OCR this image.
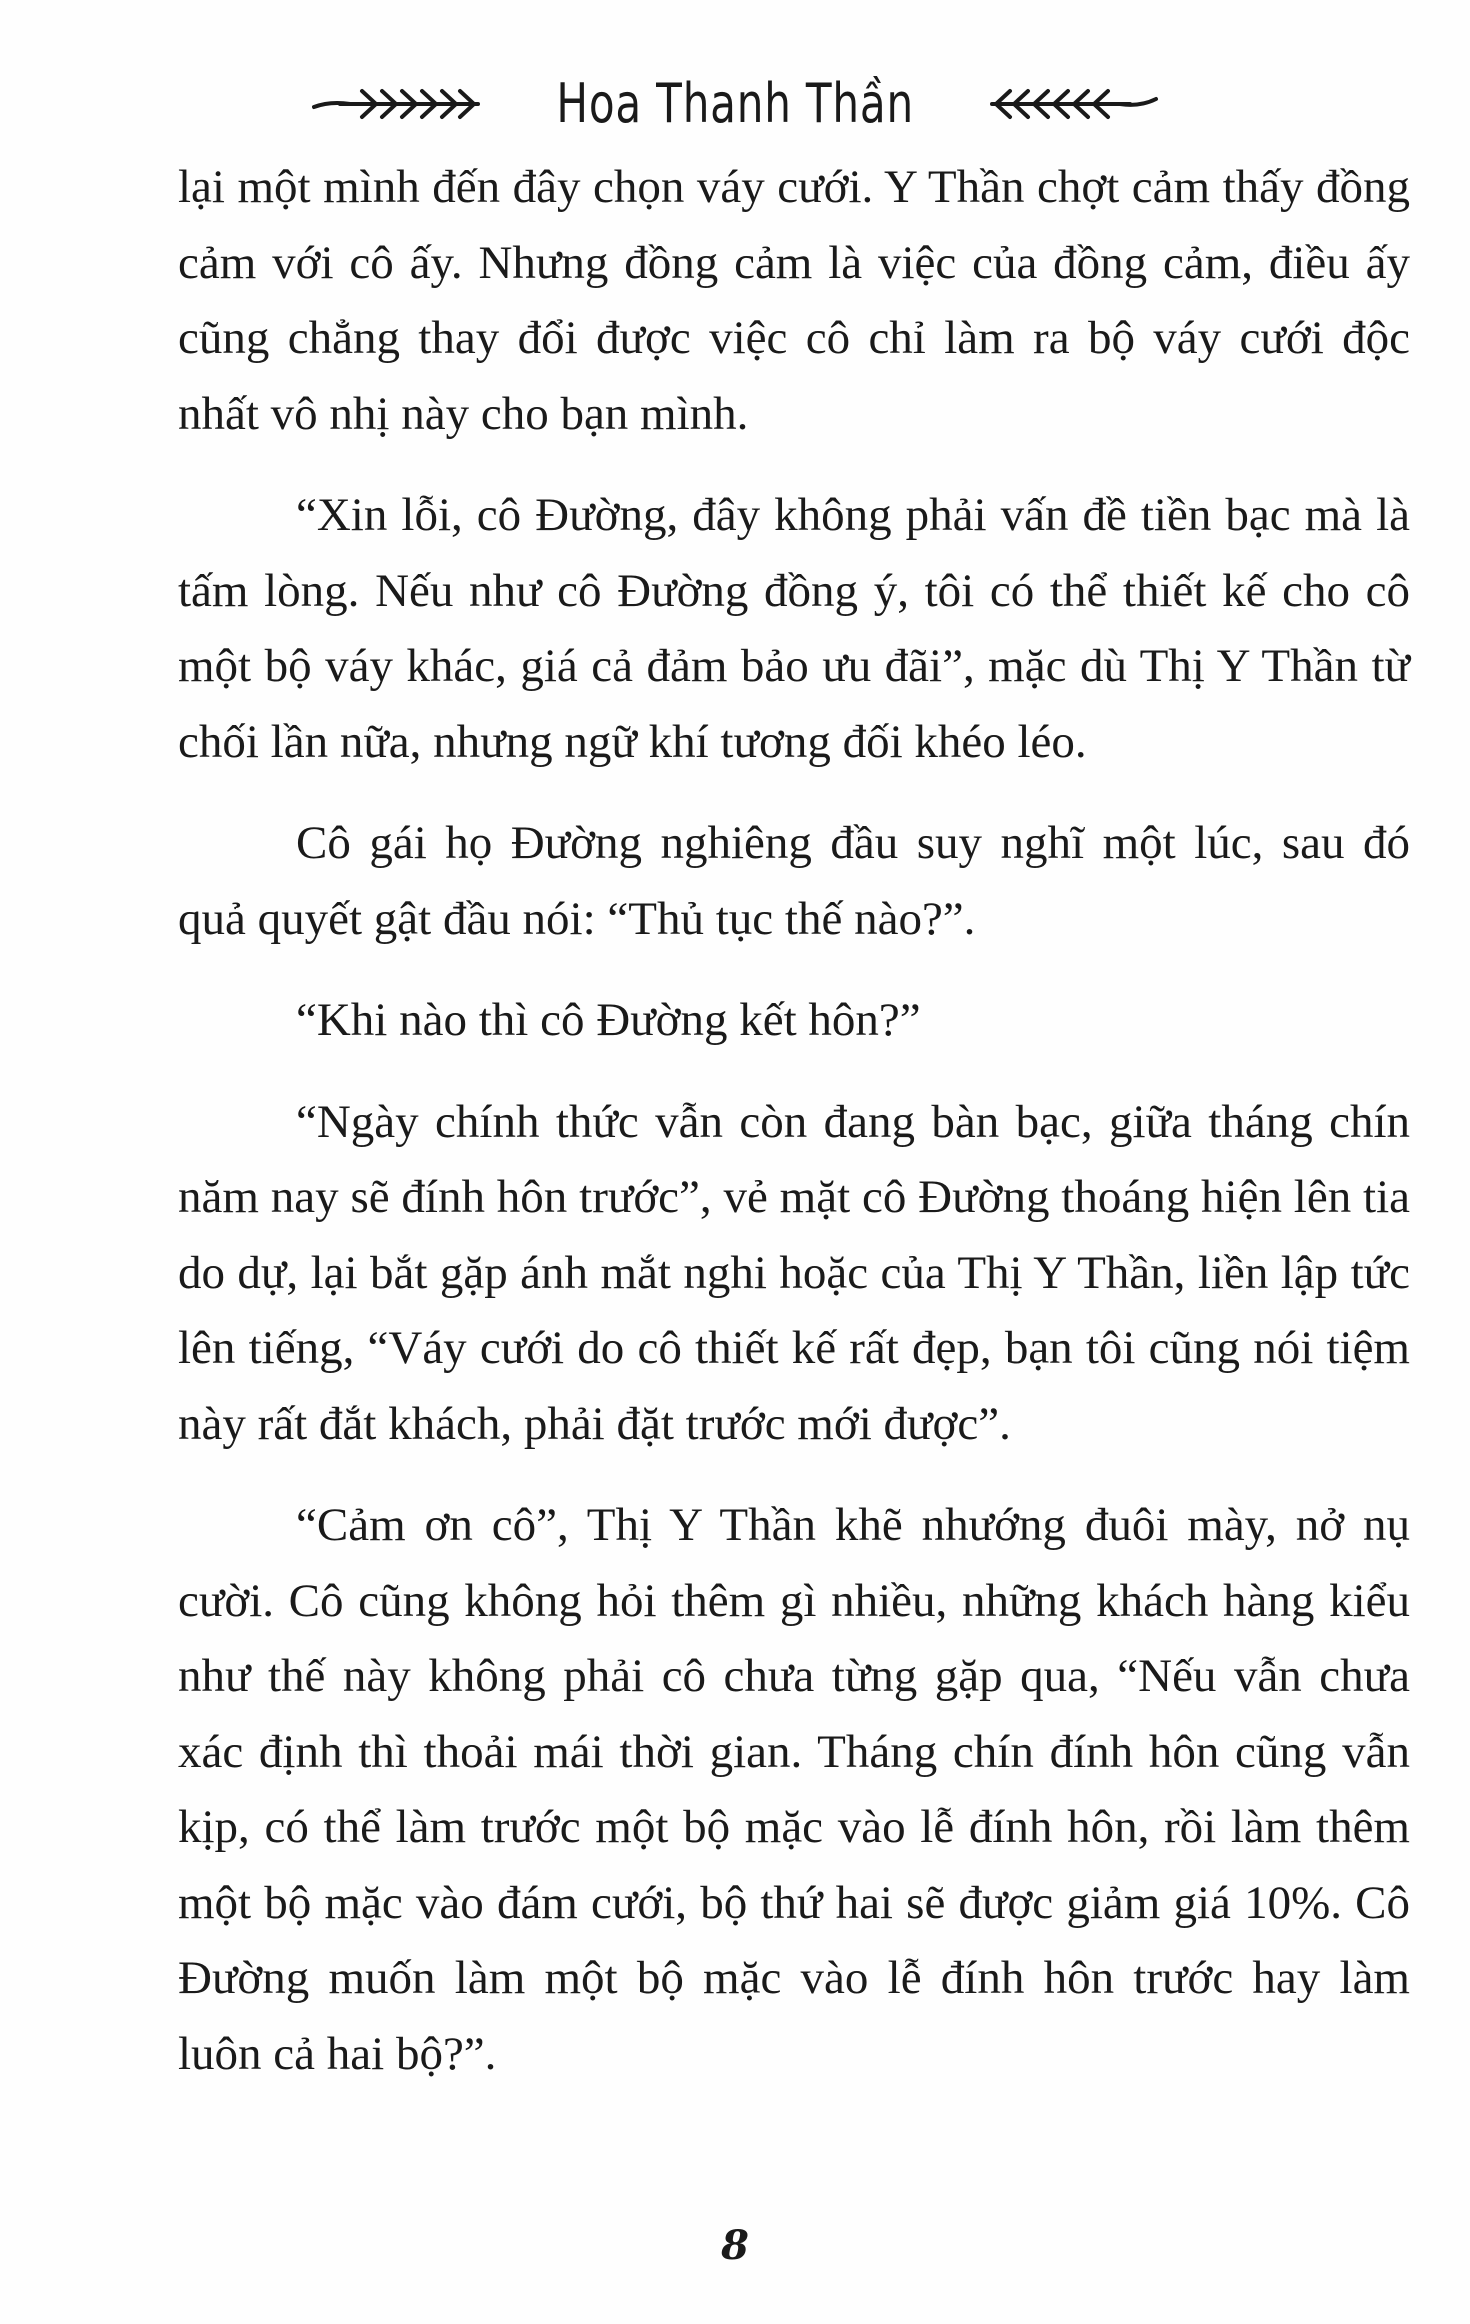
Hoa Thanh Thần

lại một mình đến đây chọn váy cưới. Y Thần chợt cảm thấy đồng cảm với cô ấy. Nhưng đồng cảm là việc của đồng cảm, điều ấy cũng chẳng thay đổi được việc cô chỉ làm ra bộ váy cưới độc nhất vô nhị này cho bạn mình.

“Xin lỗi, cô Đường, đây không phải vấn đề tiền bạc mà là tấm lòng. Nếu như cô Đường đồng ý, tôi có thể thiết kế cho cô một bộ váy khác, giá cả đảm bảo ưu đãi”, mặc dù Thị Y Thần từ chối lần nữa, nhưng ngữ khí tương đối khéo léo.

Cô gái họ Đường nghiêng đầu suy nghĩ một lúc, sau đó quả quyết gật đầu nói: “Thủ tục thế nào?”.

“Khi nào thì cô Đường kết hôn?”

“Ngày chính thức vẫn còn đang bàn bạc, giữa tháng chín năm nay sẽ đính hôn trước”, vẻ mặt cô Đường thoáng hiện lên tia do dự, lại bắt gặp ánh mắt nghi hoặc của Thị Y Thần, liền lập tức lên tiếng, “Váy cưới do cô thiết kế rất đẹp, bạn tôi cũng nói tiệm này rất đắt khách, phải đặt trước mới được”.

“Cảm ơn cô”, Thị Y Thần khẽ nhướng đuôi mày, nở nụ cười. Cô cũng không hỏi thêm gì nhiều, những khách hàng kiểu như thế này không phải cô chưa từng gặp qua, “Nếu vẫn chưa xác định thì thoải mái thời gian. Tháng chín đính hôn cũng vẫn kịp, có thể làm trước một bộ mặc vào lễ đính hôn, rồi làm thêm một bộ mặc vào đám cưới, bộ thứ hai sẽ được giảm giá 10%. Cô Đường muốn làm một bộ mặc vào lễ đính hôn trước hay làm luôn cả hai bộ?”.

8
